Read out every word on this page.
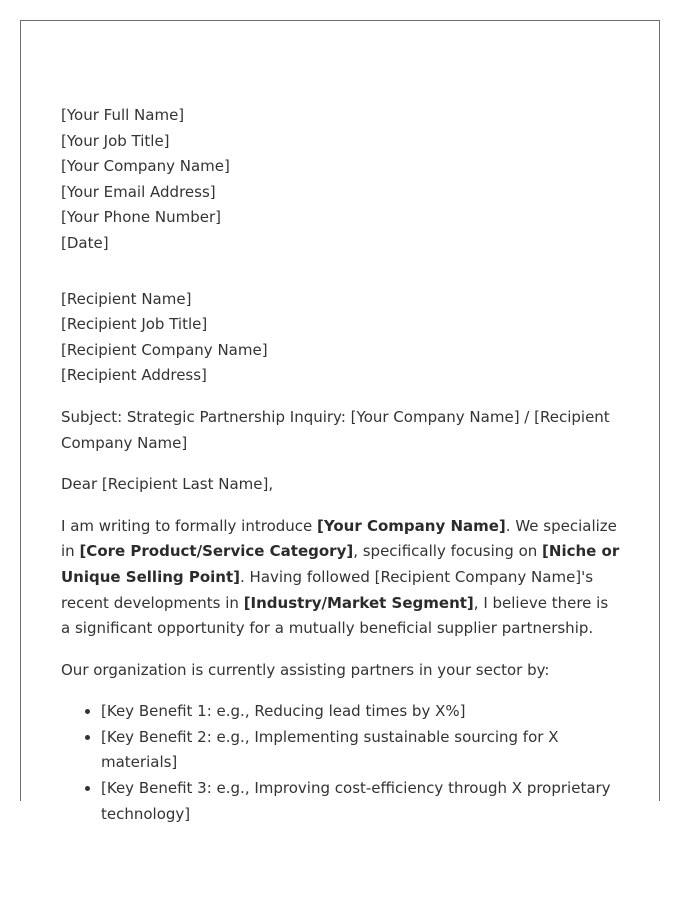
[Your Full Name]
[Your Job Title]
[Your Company Name]
[Your Email Address]
[Your Phone Number]
[Date]
[Recipient Name]
[Recipient Job Title]
[Recipient Company Name]
[Recipient Address]

Subject: Strategic Partnership Inquiry: [Your Company Name] / [Recipient Company Name]

Dear [Recipient Last Name],

I am writing to formally introduce [Your Company Name]. We specialize in [Core Product/Service Category], specifically focusing on [Niche or Unique Selling Point]. Having followed [Recipient Company Name]'s recent developments in [Industry/Market Segment], I believe there is a significant opportunity for a mutually beneficial supplier partnership.

Our organization is currently assisting partners in your sector by:

• [Key Benefit 1: e.g., Reducing lead times by X%]
• [Key Benefit 2: e.g., Implementing sustainable sourcing for X materials]
• [Key Benefit 3: e.g., Improving cost-efficiency through X proprietary technology]
